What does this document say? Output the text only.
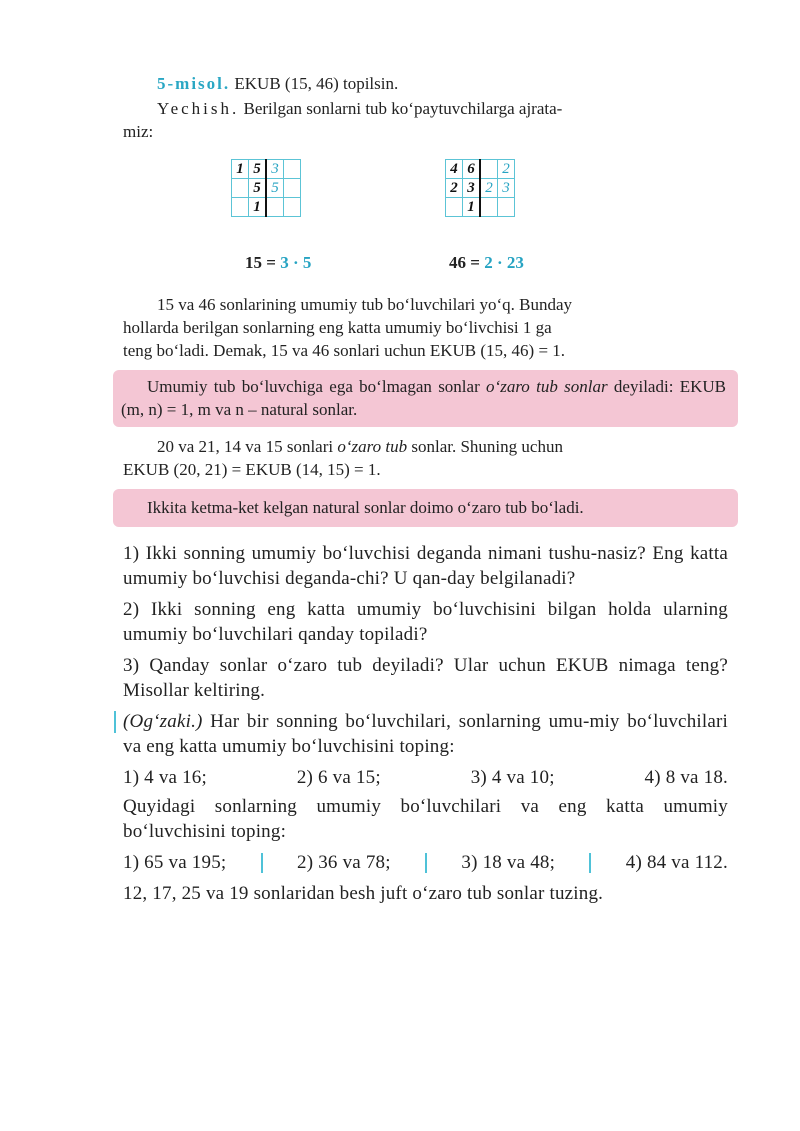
5-misol. EKUB (15, 46) topilsin.

Yechish. Berilgan sonlarni tub koʻpaytuvchilarga ajrata-

miz:

1	5	3	
	5	5	
	1		
15 = 3 · 5
4	6		2
2	3	2	3
	1		
46 = 2 · 23

15 va 46 sonlarining umumiy tub boʻluvchilari yoʻq. Bunday

hollarda berilgan sonlarning eng katta umumiy boʻlivchisi 1 ga

teng boʻladi. Demak, 15 va 46 sonlari uchun EKUB (15, 46) = 1.

Umumiy tub boʻluvchiga ega boʻlmagan sonlar oʻzaro tub sonlar deyiladi: EKUB (m, n) = 1, m va n – natural sonlar.

20 va 21, 14 va 15 sonlari oʻzaro tub sonlar. Shuning uchun

EKUB (20, 21) = EKUB (14, 15) = 1.

Ikkita ketma-ket kelgan natural sonlar doimo oʻzaro tub boʻladi.

1) Ikki sonning umumiy boʻluvchisi deganda nimani tushu-nasiz? Eng katta umumiy boʻluvchisi deganda-chi? U qan-day belgilanadi?

2) Ikki sonning eng katta umumiy boʻluvchisini bilgan holda ularning umumiy boʻluvchilari qanday topiladi?

3) Qanday sonlar oʻzaro tub deyiladi? Ular uchun EKUB nimaga teng? Misollar keltiring.

(Ogʻzaki.) Har bir sonning boʻluvchilari, sonlarning umu-miy boʻluvchilari va eng katta umumiy boʻluvchisini toping:

1) 4 va 16;	2) 6 va 15;	3) 4 va 10;	4) 8 va 18.

Quyidagi sonlarning umumiy boʻluvchilari va eng katta umumiy boʻluvchisini toping:

1) 65 va 195;	2) 36 va 78;	3) 18 va 48;	4) 84 va 112.

12, 17, 25 va 19 sonlaridan besh juft oʻzaro tub sonlar tuzing.
